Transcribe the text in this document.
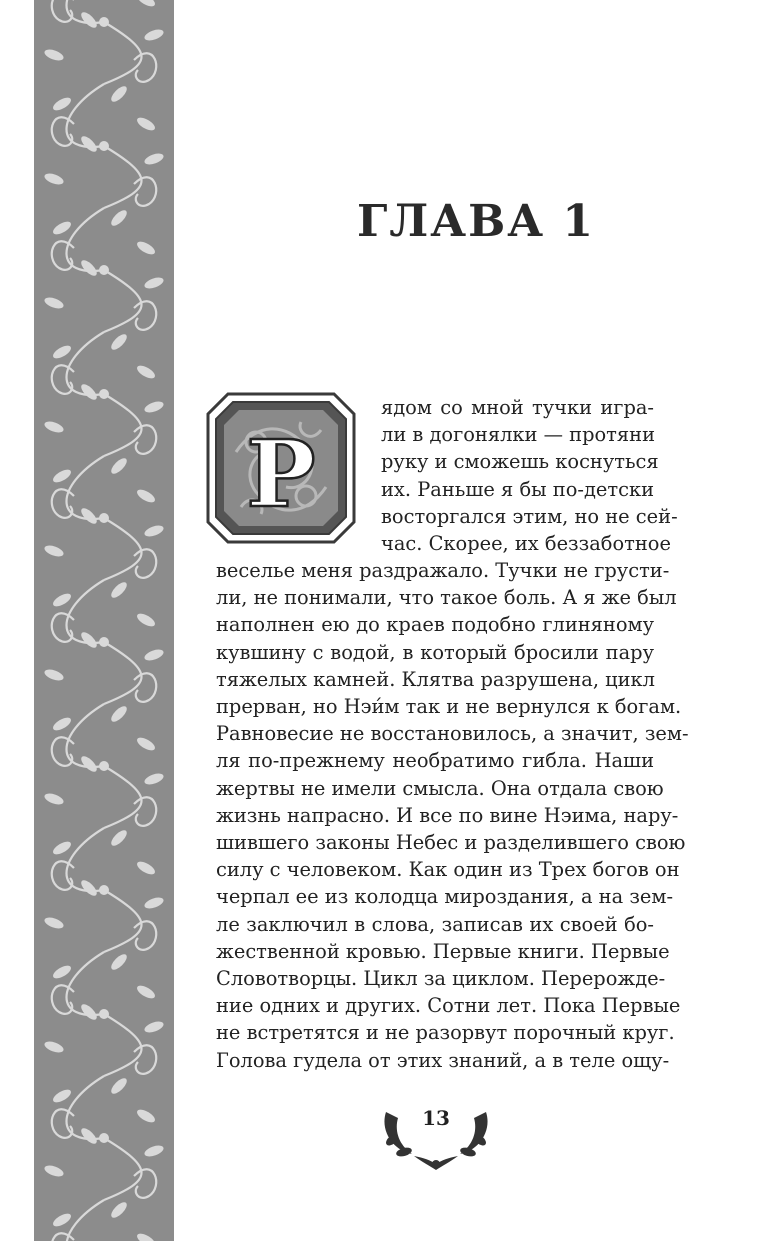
ГЛАВА 1
Р

ядом со мной тучки игра-
ли в догонялки — протяни
руку и сможешь коснуться
их. Раньше я бы по-детски
восторгался этим, но не сей-
час. Скорее, их беззаботное

веселье меня раздражало. Тучки не грусти-
ли, не понимали, что такое боль. А я же был
наполнен ею до краев подобно глиняному
кувшину с водой, в который бросили пару
тяжелых камней. Клятва разрушена, цикл
прерван, но Нэи́м так и не вернулся к богам.
Равновесие не восстановилось, а значит, зем-
ля по-прежнему необратимо гибла. Наши
жертвы не имели смысла. Она отдала свою
жизнь напрасно. И все по вине Нэима, нару-
шившего законы Небес и разделившего свою
силу с человеком. Как один из Трех богов он
черпал ее из колодца мироздания, а на зем-
ле заключил в слова, записав их своей бо-
жественной кровью. Первые книги. Первые
Словотворцы. Цикл за циклом. Перерожде-
ние одних и других. Сотни лет. Пока Первые
не встретятся и не разорвут порочный круг.
Голова гудела от этих знаний, а в теле ощу-

13
